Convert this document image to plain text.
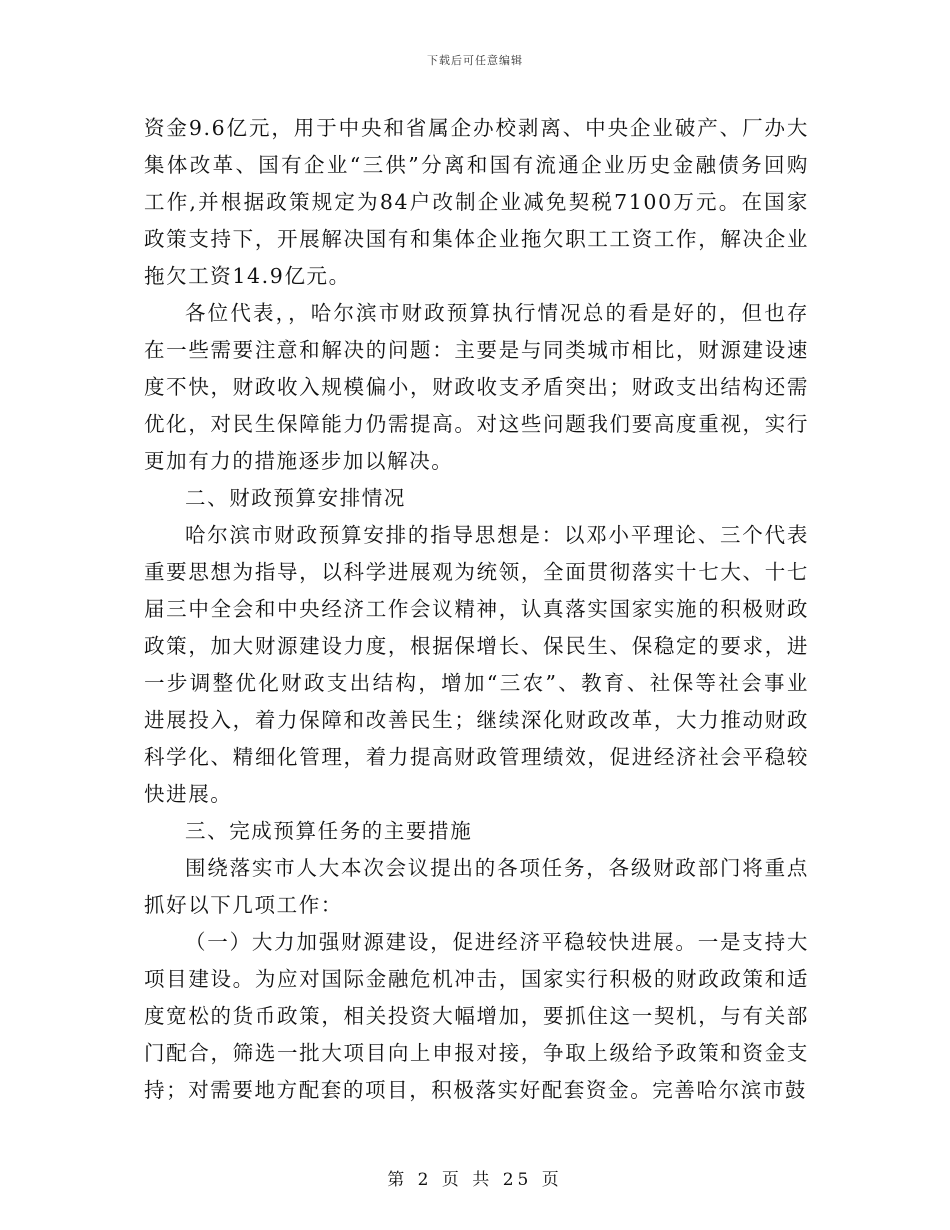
下载后可任意编辑

资金9.6亿元，用于中央和省属企办校剥离、中央企业破产、厂办大集体改革、国有企业“三供”分离和国有流通企业历史金融债务回购工作,并根据政策规定为84户改制企业减免契税7100万元。在国家政策支持下，开展解决国有和集体企业拖欠职工工资工作，解决企业拖欠工资14.9亿元。

各位代表，，哈尔滨市财政预算执行情况总的看是好的，但也存在一些需要注意和解决的问题：主要是与同类城市相比，财源建设速度不快，财政收入规模偏小，财政收支矛盾突出；财政支出结构还需优化，对民生保障能力仍需提高。对这些问题我们要高度重视，实行更加有力的措施逐步加以解决。

二、财政预算安排情况

哈尔滨市财政预算安排的指导思想是：以邓小平理论、三个代表重要思想为指导，以科学进展观为统领，全面贯彻落实十七大、十七届三中全会和中央经济工作会议精神，认真落实国家实施的积极财政政策，加大财源建设力度，根据保增长、保民生、保稳定的要求，进一步调整优化财政支出结构，增加“三农”、教育、社保等社会事业进展投入，着力保障和改善民生；继续深化财政改革，大力推动财政科学化、精细化管理，着力提高财政管理绩效，促进经济社会平稳较快进展。

三、完成预算任务的主要措施

围绕落实市人大本次会议提出的各项任务，各级财政部门将重点抓好以下几项工作：

（一）大力加强财源建设，促进经济平稳较快进展。一是支持大项目建设。为应对国际金融危机冲击，国家实行积极的财政政策和适度宽松的货币政策，相关投资大幅增加，要抓住这一契机，与有关部门配合，筛选一批大项目向上申报对接，争取上级给予政策和资金支持；对需要地方配套的项目，积极落实好配套资金。完善哈尔滨市鼓

第 2 页 共 25 页
